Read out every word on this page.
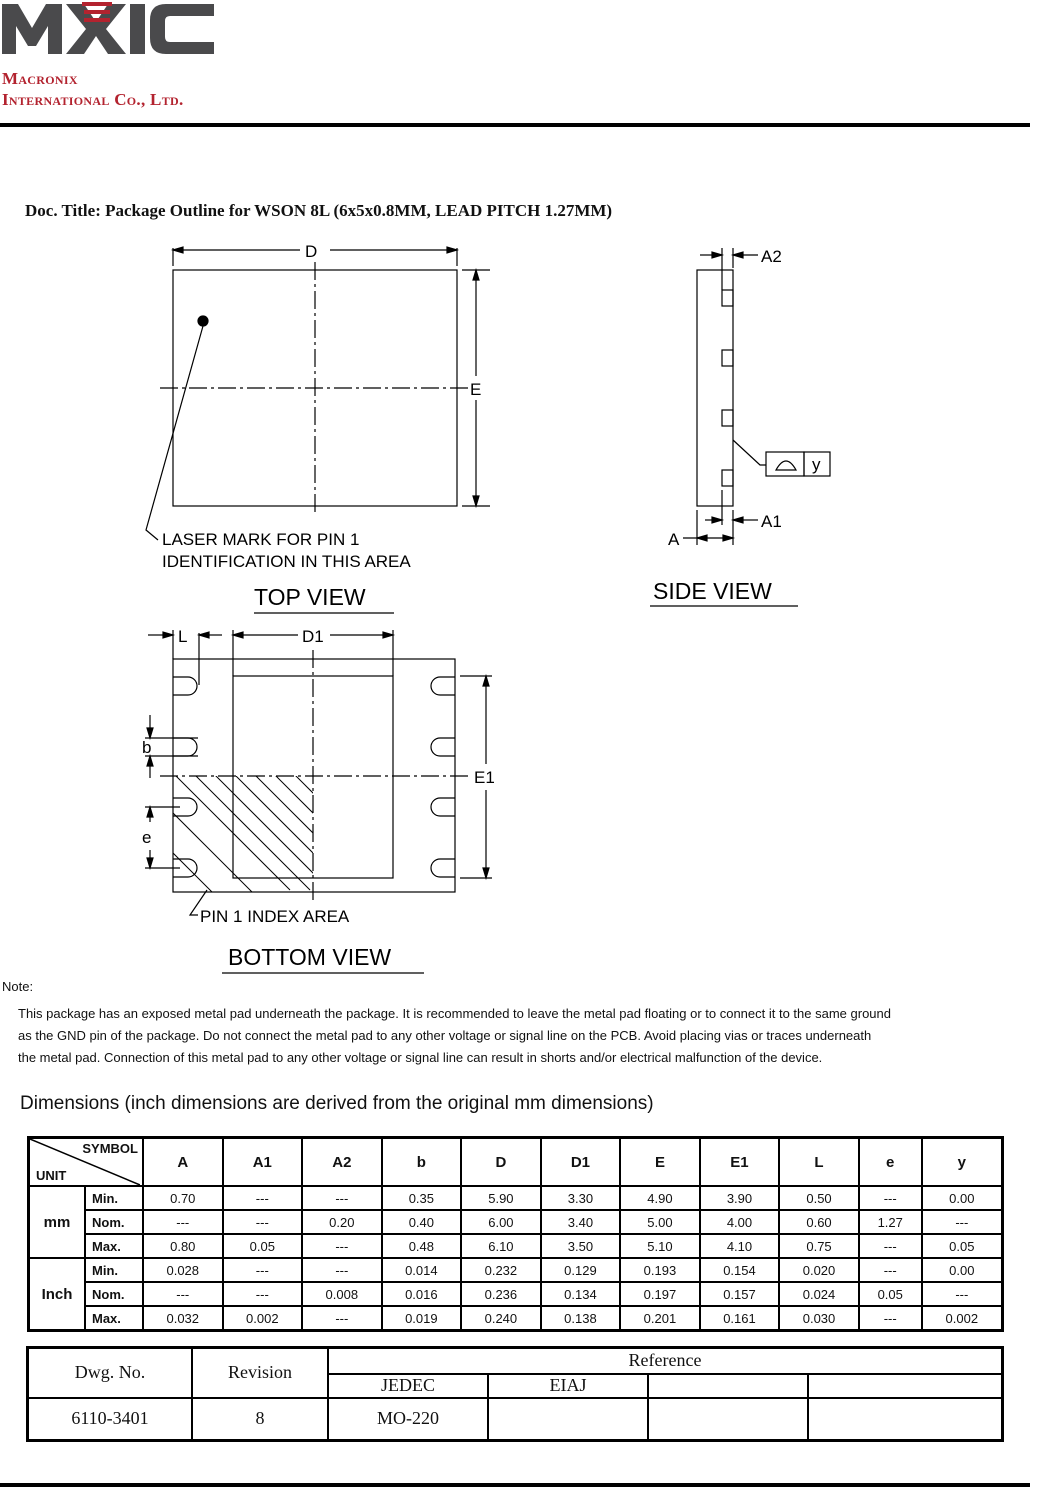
Macronix
International Co., Ltd.
Doc. Title: Package Outline for WSON 8L (6x5x0.8MM, LEAD PITCH 1.27MM)
D
E
LASER MARK FOR PIN 1
IDENTIFICATION IN THIS AREA
TOP VIEW
A2
y
A1
A
SIDE VIEW
L	D1
b
E1
e
PIN 1 INDEX AREA
BOTTOM VIEW
Note:
This package has an exposed metal pad underneath the package. It is recommended to leave the metal pad floating or to connect it to the same ground
as the GND pin of the package. Do not connect the metal pad to any other voltage or signal line on the PCB. Avoid placing vias or traces underneath
the metal pad. Connection of this metal pad to any other voltage or signal line can result in shorts and/or electrical malfunction of the device.
Dimensions (inch dimensions are derived from the original mm dimensions)
SYMBOL
UNIT		A	A1	A2	b	D	D1	E	E1	L	e	y
mm	Min.	0.70	---	---	0.35	5.90	3.30	4.90	3.90	0.50	---	0.00
	Nom.	---	---	0.20	0.40	6.00	3.40	5.00	4.00	0.60	1.27	---
	Max.	0.80	0.05	---	0.48	6.10	3.50	5.10	4.10	0.75	---	0.05
Inch	Min.	0.028	---	---	0.014	0.232	0.129	0.193	0.154	0.020	---	0.00
	Nom.	---	---	0.008	0.016	0.236	0.134	0.197	0.157	0.024	0.05	---
	Max.	0.032	0.002	---	0.019	0.240	0.138	0.201	0.161	0.030	---	0.002
Dwg. No.	Revision	Reference			
		JEDEC	EIAJ		
6110-3401	8	MO-220			
